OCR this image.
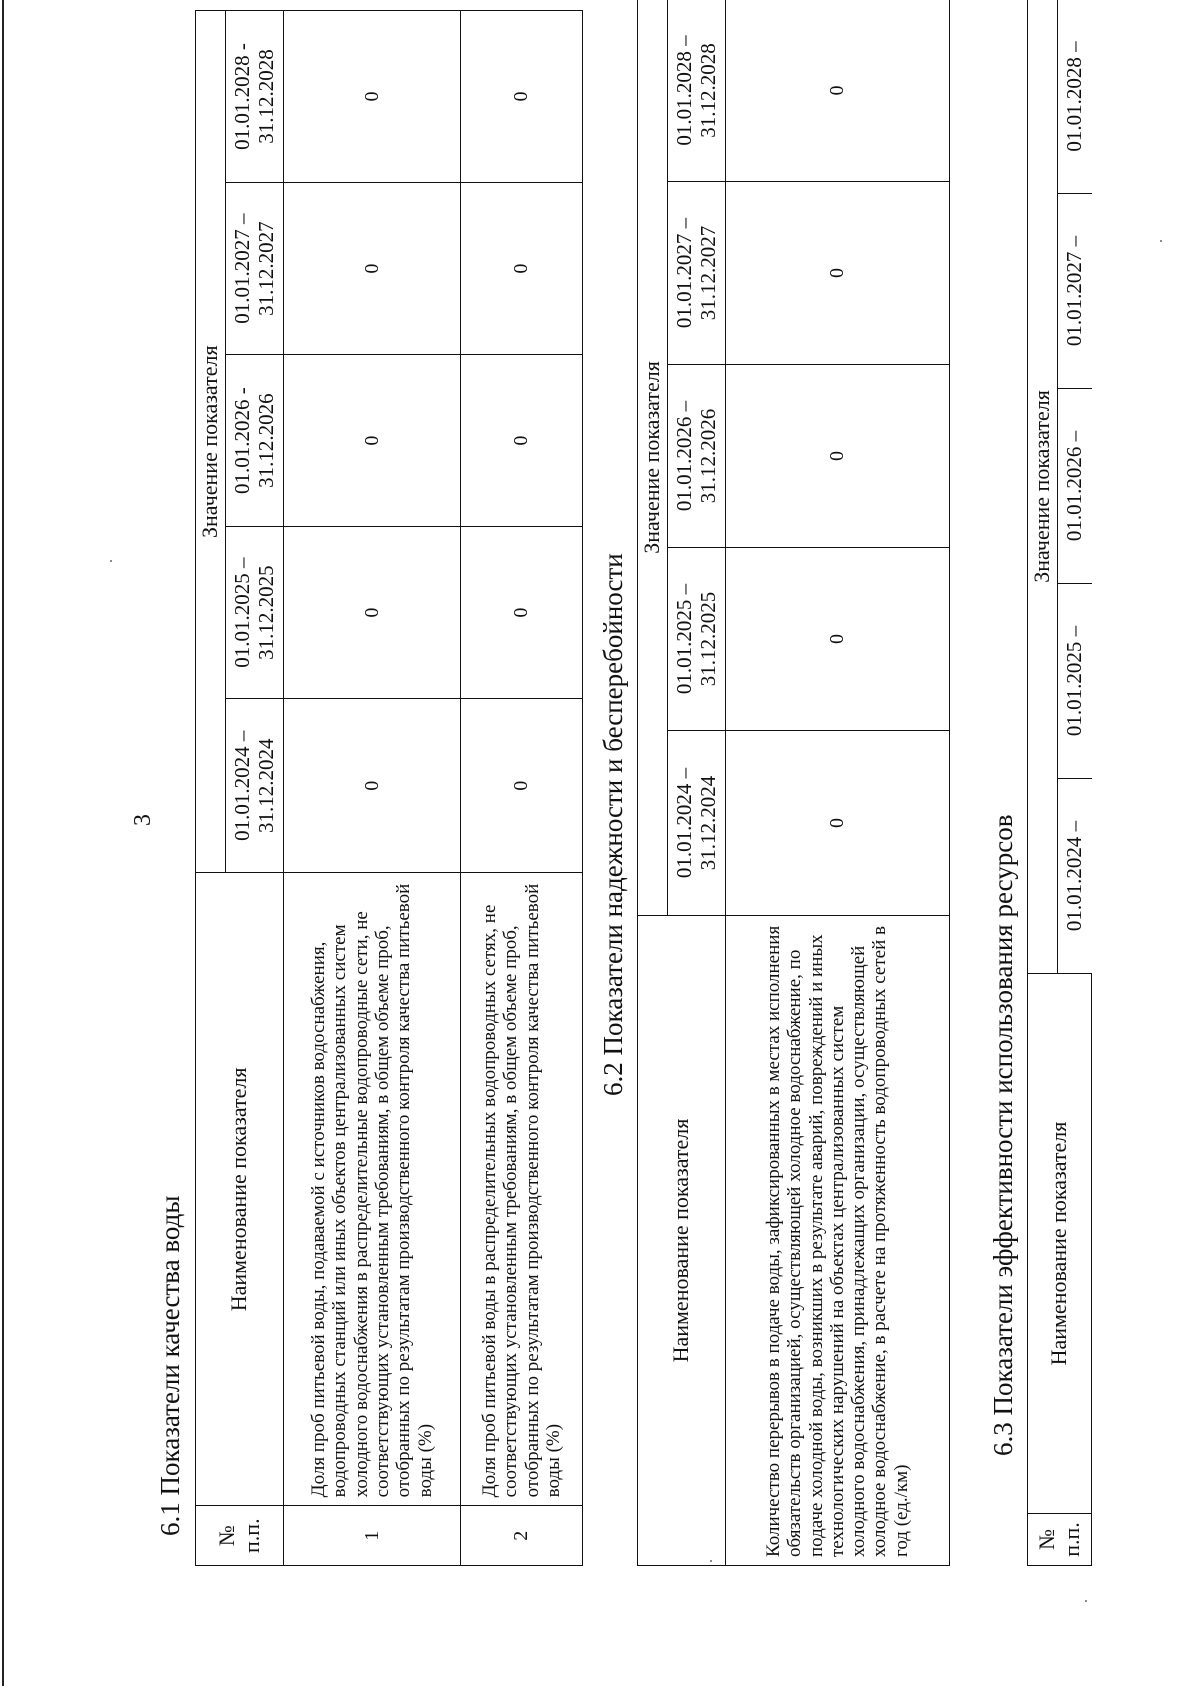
3
6.1 Показатели качества воды № п.п.	Наименование показателя	Значение показателя				
		01.01.2024 – 31.12.2024	01.01.2025 – 31.12.2025	01.01.2026 - 31.12.2026	01.01.2027 – 31.12.2027	01.01.2028 - 31.12.2028
1	Доля проб питьевой воды, подаваемой с источников водоснабжения, водопроводных станций или иных объектов централизованных систем холодного водоснабжения в распределительные водопроводные сети, не соответствующих установленным требованиям, в общем объеме проб, отобранных по результатам производственного контроля качества питьевой воды (%)	0	0	0	0	0
2	Доля проб питьевой воды в распределительных водопроводных сетях, не соответствующих установленным требованиям, в общем объеме проб, отобранных по результатам производственного контроля качества питьевой воды (%)	0	0	0	0	0
6.2 Показатели надежности и бесперебойности
Наименование показателя	Значение показателя				
	01.01.2024 – 31.12.2024	01.01.2025 – 31.12.2025	01.01.2026 – 31.12.2026	01.01.2027 – 31.12.2027	01.01.2028 – 31.12.2028
Количество перерывов в подаче воды, зафиксированных в местах исполнения обязательств организацией, осуществляющей холодное водоснабжение, по подаче холодной воды, возникших в результате аварий, повреждений и иных технологических нарушений на объектах централизованных систем холодного водоснабжения, принадлежащих организации, осуществляющей холодное водоснабжение, в расчете на протяженность водопроводных сетей в год (ед./км)	0	0	0	0	0
6.3 Показатели эффективности использования ресурсов
№ п.п.	Наименование показателя	Значение показателя				
		01.01.2024 –	01.01.2025 –	01.01.2026 –	01.01.2027 –	01.01.2028 –
